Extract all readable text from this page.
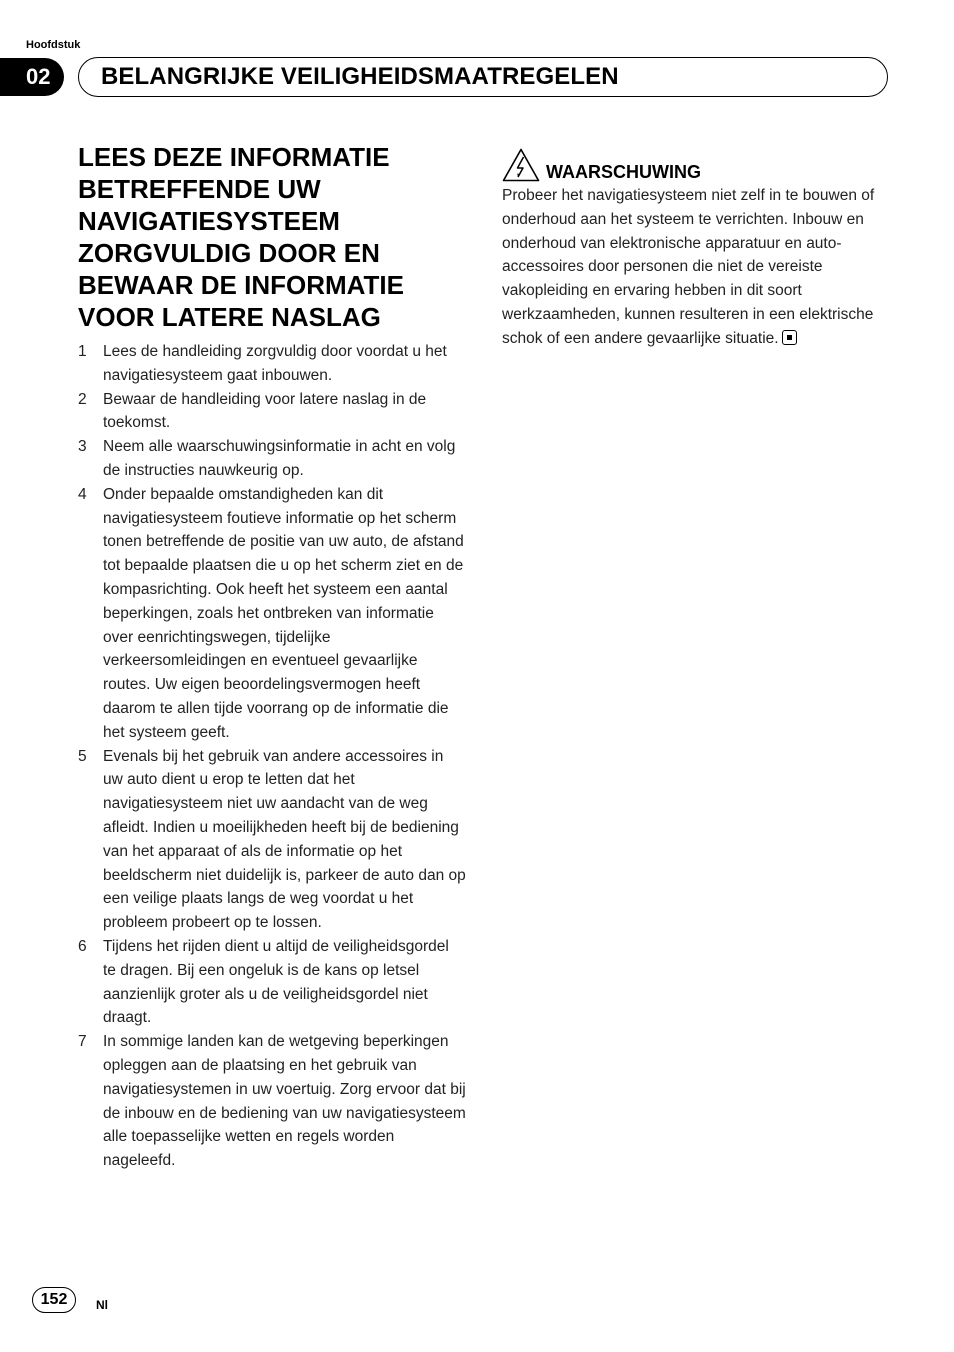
Hoofdstuk
02	BELANGRIJKE VEILIGHEIDSMAATREGELEN
LEES DEZE INFORMATIE BETREFFENDE UW NAVIGATIESYSTEEM ZORGVULDIG DOOR EN BEWAAR DE INFORMATIE VOOR LATERE NASLAG
1 Lees de handleiding zorgvuldig door voordat u het navigatiesysteem gaat inbouwen.
2 Bewaar de handleiding voor latere naslag in de toekomst.
3 Neem alle waarschuwingsinformatie in acht en volg de instructies nauwkeurig op.
4 Onder bepaalde omstandigheden kan dit navigatiesysteem foutieve informatie op het scherm tonen betreffende de positie van uw auto, de afstand tot bepaalde plaatsen die u op het scherm ziet en de kompasrichting. Ook heeft het systeem een aantal beperkingen, zoals het ontbreken van informatie over eenrichtingswegen, tijdelijke verkeersomleidingen en eventueel gevaarlijke routes. Uw eigen beoordelingsvermogen heeft daarom te allen tijde voorrang op de informatie die het systeem geeft.
5 Evenals bij het gebruik van andere accessoires in uw auto dient u erop te letten dat het navigatiesysteem niet uw aandacht van de weg afleidt. Indien u moeilijkheden heeft bij de bediening van het apparaat of als de informatie op het beeldscherm niet duidelijk is, parkeer de auto dan op een veilige plaats langs de weg voordat u het probleem probeert op te lossen.
6 Tijdens het rijden dient u altijd de veiligheidsgordel te dragen. Bij een ongeluk is de kans op letsel aanzienlijk groter als u de veiligheidsgordel niet draagt.
7 In sommige landen kan de wetgeving beperkingen opleggen aan de plaatsing en het gebruik van navigatiesystemen in uw voertuig. Zorg ervoor dat bij de inbouw en de bediening van uw navigatiesysteem alle toepasselijke wetten en regels worden nageleefd.
WAARSCHUWING

Probeer het navigatiesysteem niet zelf in te bouwen of onderhoud aan het systeem te verrichten. Inbouw en onderhoud van elektronische apparatuur en auto-accessoires door personen die niet de vereiste vakopleiding en ervaring hebben in dit soort werkzaamheden, kunnen resulteren in een elektrische schok of een andere gevaarlijke situatie.

152	Nl
